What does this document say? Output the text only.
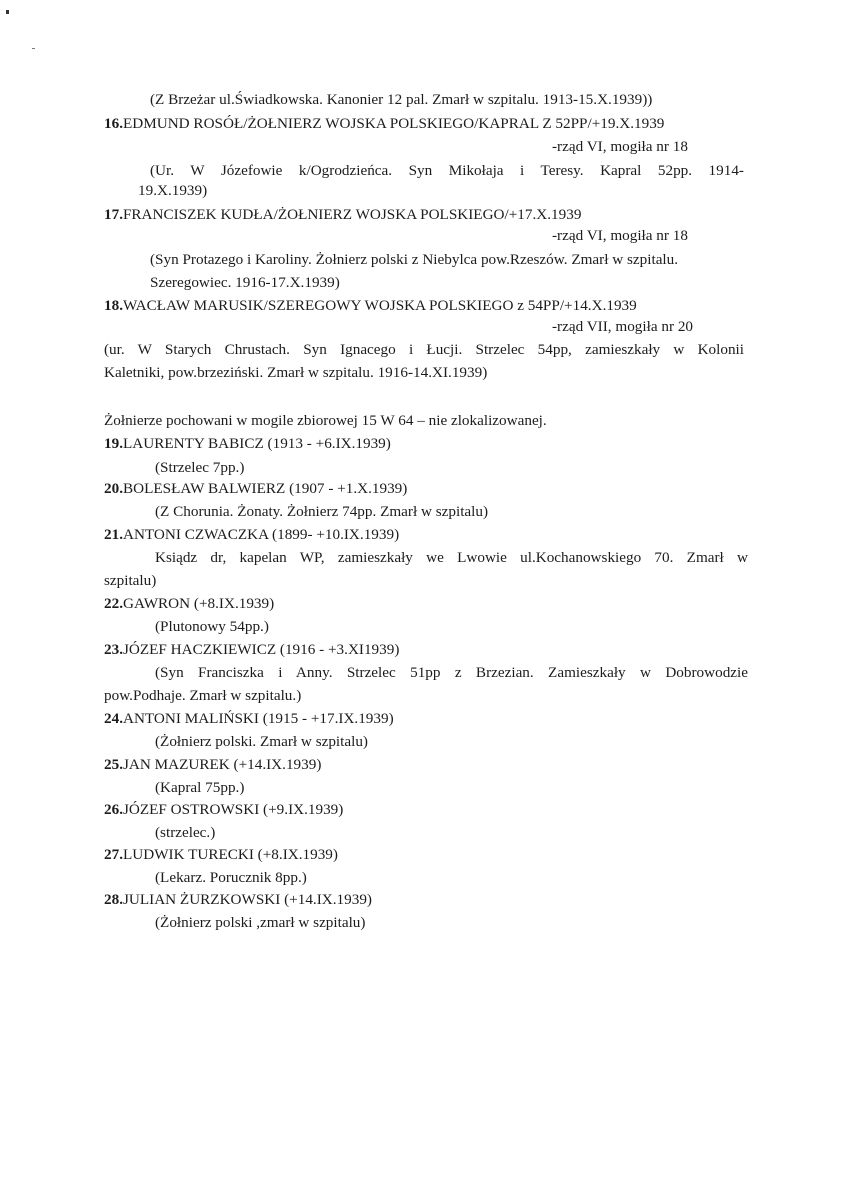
(Z Brzeżar ul.Świadkowska. Kanonier 12 pal. Zmarł w szpitalu. 1913-15.X.1939))
16.EDMUND ROSÓŁ/ŻOŁNIERZ WOJSKA POLSKIEGO/KAPRAL Z 52PP/+19.X.1939
-rząd VI, mogiła nr 18
(Ur. W Józefowie k/Ogrodzieńca. Syn Mikołaja i Teresy. Kapral 52pp. 1914-
19.X.1939)
17.FRANCISZEK KUDŁA/ŻOŁNIERZ WOJSKA POLSKIEGO/+17.X.1939
-rząd VI, mogiła nr 18
(Syn Protazego i Karoliny. Żołnierz polski z Niebylca pow.Rzeszów. Zmarł w szpitalu.
Szeregowiec. 1916-17.X.1939)
18.WACŁAW MARUSIK/SZEREGOWY WOJSKA POLSKIEGO z 54PP/+14.X.1939
-rząd VII, mogiła nr 20
(ur. W Starych Chrustach. Syn Ignacego i Łucji. Strzelec 54pp, zamieszkały w Kolonii
Kaletniki, pow.brzeziński. Zmarł w szpitalu. 1916-14.XI.1939)
Żołnierze pochowani w mogile zbiorowej 15 W 64 – nie zlokalizowanej.
19.LAURENTY BABICZ (1913 - +6.IX.1939)
(Strzelec 7pp.)
20.BOLESŁAW BALWIERZ (1907 - +1.X.1939)
(Z Chorunia. Żonaty. Żołnierz 74pp. Zmarł w szpitalu)
21.ANTONI CZWACZKA (1899- +10.IX.1939)
Ksiądz dr, kapelan WP, zamieszkały we Lwowie ul.Kochanowskiego 70. Zmarł w
szpitalu)
22.GAWRON (+8.IX.1939)
(Plutonowy 54pp.)
23.JÓZEF HACZKIEWICZ (1916 - +3.XI1939)
(Syn Franciszka i Anny. Strzelec 51pp z Brzezian. Zamieszkały w Dobrowodzie
pow.Podhaje. Zmarł w szpitalu.)
24.ANTONI MALIŃSKI (1915 - +17.IX.1939)
(Żołnierz polski. Zmarł w szpitalu)
25.JAN MAZUREK (+14.IX.1939)
(Kapral 75pp.)
26.JÓZEF OSTROWSKI (+9.IX.1939)
(strzelec.)
27.LUDWIK TURECKI (+8.IX.1939)
(Lekarz. Porucznik 8pp.)
28.JULIAN ŻURZKOWSKI (+14.IX.1939)
(Żołnierz polski ,zmarł w szpitalu)
